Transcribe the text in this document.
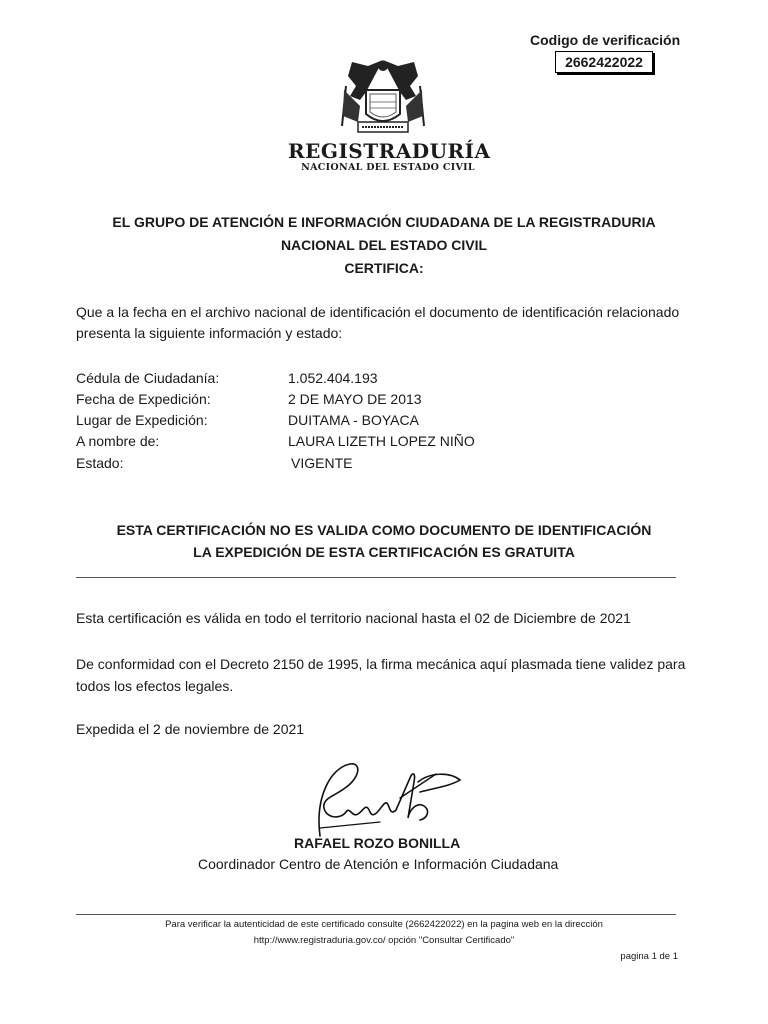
Codigo de verificación
2662422022
REGISTRADURÍA
NACIONAL DEL ESTADO CIVIL
EL GRUPO DE ATENCIÓN E INFORMACIÓN CIUDADANA DE LA REGISTRADURIA
NACIONAL DEL ESTADO CIVIL
CERTIFICA:
Que a la fecha en el archivo nacional de identificación el documento de identificación relacionado
presenta la siguiente información y estado:
Cédula de Ciudadanía:	1.052.404.193
Fecha de Expedición:	2 DE MAYO DE 2013
Lugar de Expedición:	DUITAMA - BOYACA
A nombre de:	LAURA LIZETH LOPEZ NIÑO
Estado:	VIGENTE
ESTA CERTIFICACIÓN NO ES VALIDA COMO DOCUMENTO DE IDENTIFICACIÓN
LA EXPEDICIÓN DE ESTA CERTIFICACIÓN ES GRATUITA
Esta certificación es válida en todo el territorio nacional hasta el 02 de Diciembre de 2021
De conformidad con el Decreto 2150 de 1995, la firma mecánica aquí plasmada tiene validez para
todos los efectos legales.
Expedida el 2 de noviembre de 2021
RAFAEL ROZO BONILLA
Coordinador Centro de Atención e Información Ciudadana
Para verificar la autenticidad de este certificado consulte (2662422022) en la pagina web en la dirección
http://www.registraduria.gov.co/ opción "Consultar Certificado"
pagina 1 de 1
